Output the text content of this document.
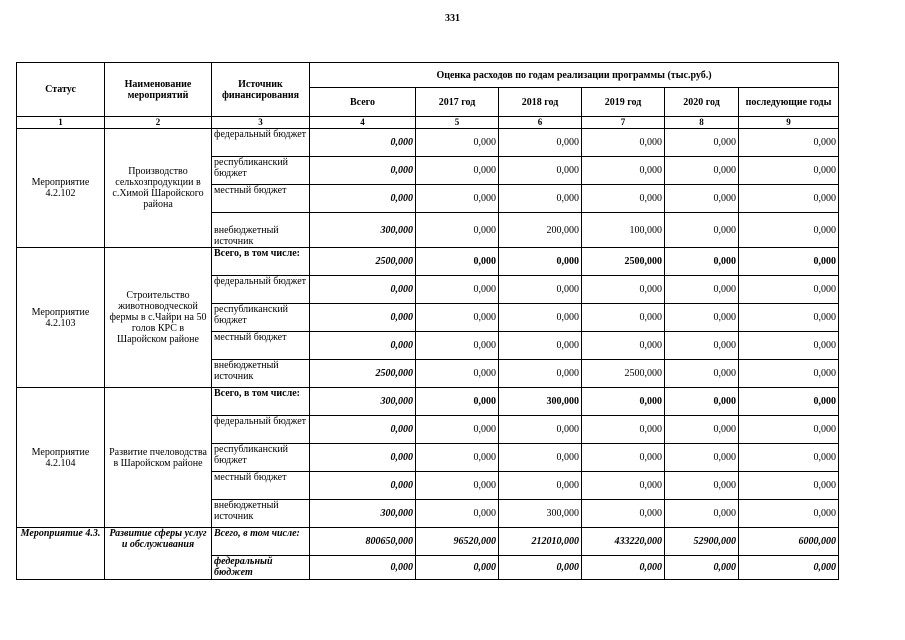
331
Статус	Наименование мероприятий	Источник финансирования	Оценка расходов по годам реализации программы (тыс.руб.)					
			Всего	2017 год	2018 год	2019 год	2020 год	последующие годы
1	2	3	4	5	6	7	8	9
Мероприятие 4.2.102	Производство сельхозпродукции в с.Химой Шаройского района	федеральный бюджет	0,000	0,000	0,000	0,000	0,000	0,000
		республиканский бюджет	0,000	0,000	0,000	0,000	0,000	0,000
		местный бюджет	0,000	0,000	0,000	0,000	0,000	0,000
		внебюджетный источник	300,000	0,000	200,000	100,000	0,000	0,000
Мероприятие 4.2.103	Строительство животноводческой фермы в с.Чайри на 50 голов КРС в Шаройском районе	Всего, в том числе:	2500,000	0,000	0,000	2500,000	0,000	0,000
		федеральный бюджет	0,000	0,000	0,000	0,000	0,000	0,000
		республиканский бюджет	0,000	0,000	0,000	0,000	0,000	0,000
		местный бюджет	0,000	0,000	0,000	0,000	0,000	0,000
		внебюджетный источник	2500,000	0,000	0,000	2500,000	0,000	0,000
Мероприятие 4.2.104	Развитие пчеловодства в Шаройском районе	Всего, в том числе:	300,000	0,000	300,000	0,000	0,000	0,000
		федеральный бюджет	0,000	0,000	0,000	0,000	0,000	0,000
		республиканский бюджет	0,000	0,000	0,000	0,000	0,000	0,000
		местный бюджет	0,000	0,000	0,000	0,000	0,000	0,000
		внебюджетный источник	300,000	0,000	300,000	0,000	0,000	0,000
Мероприятие 4.3.	Развитие сферы услуг и обслуживания	Всего, в том числе:	800650,000	96520,000	212010,000	433220,000	52900,000	6000,000
		федеральный бюджет	0,000	0,000	0,000	0,000	0,000	0,000
